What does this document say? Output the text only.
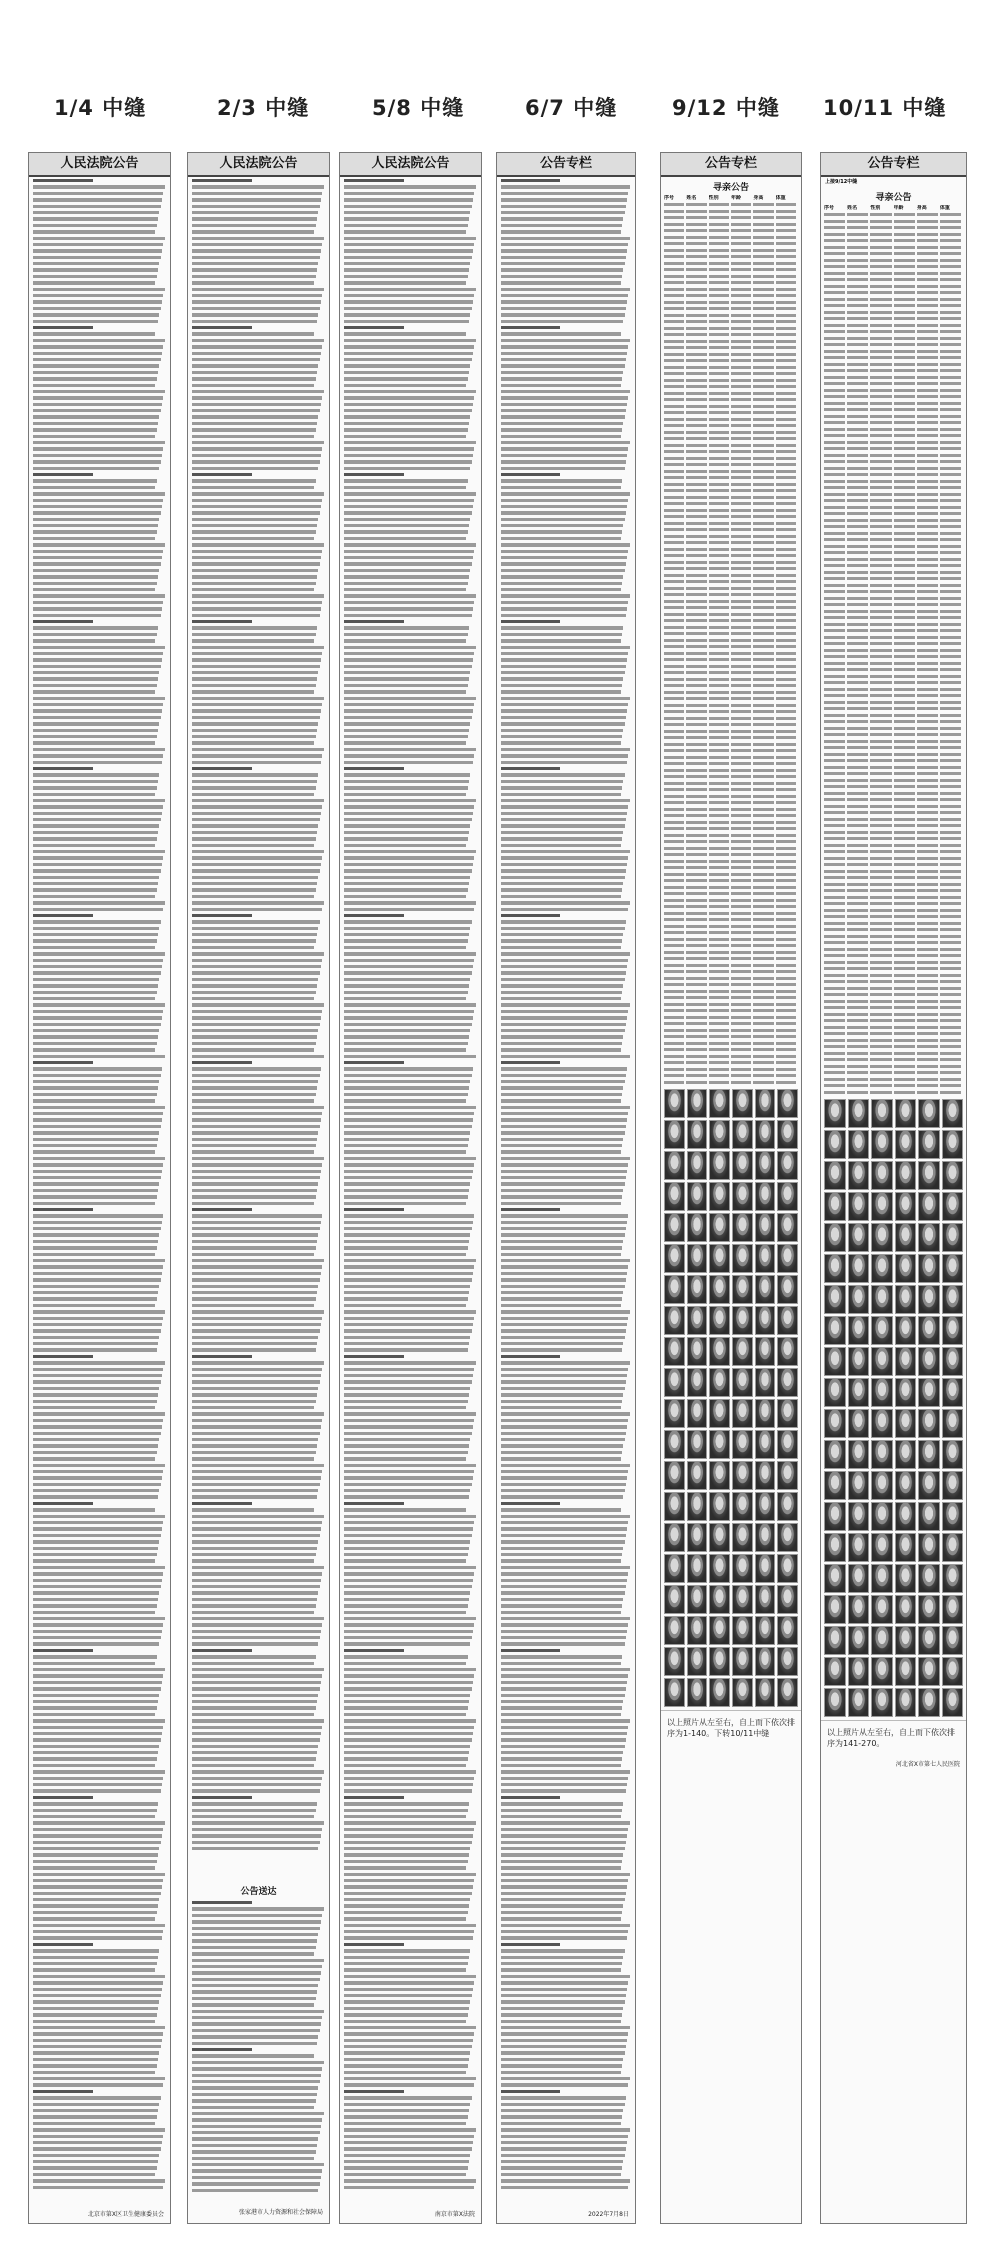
1/4 中缝	2/3 中缝	5/8 中缝	6/7 中缝	9/12 中缝 10/11 中缝
人民法院公告
北京市第X区卫生健康委员会
人民法院公告
公告送达
张家港市人力资源和社会保障局
人民法院公告
南京市第X法院
公告专栏
2022年7月8日
公告专栏
寻亲公告
序号	姓名	性别	年龄	身高	体重
以上照片从左至右，自上而下依次排序为1-140。下转10/11中缝
公告专栏
上接9/12中缝
寻亲公告
序号	姓名	性别	年龄	身高	体重
以上照片从左至右，自上而下依次排序为141-270。
河北省X市第七人民医院
